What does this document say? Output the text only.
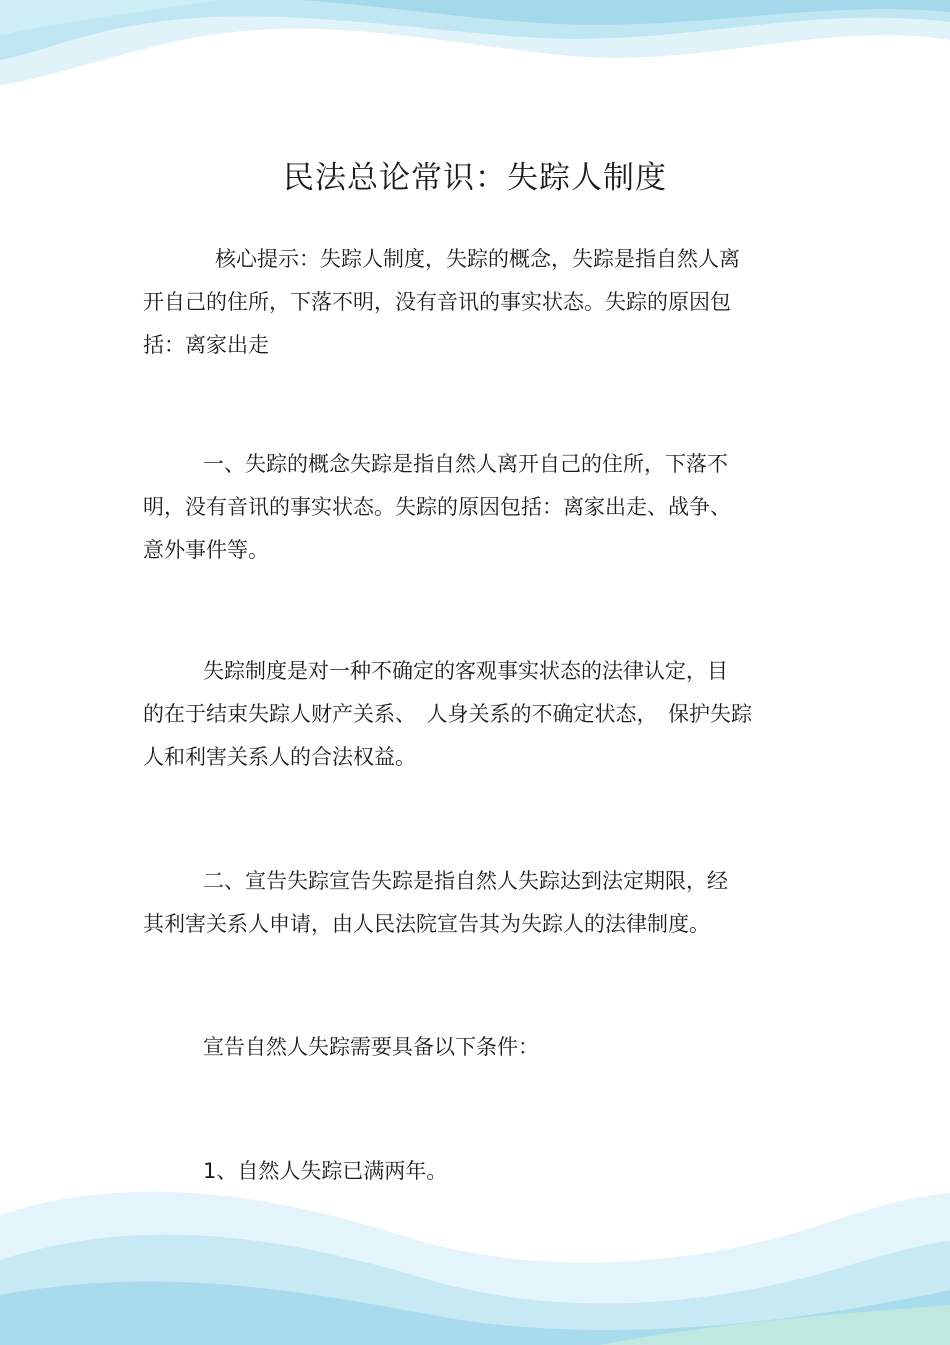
民法总论常识：失踪人制度

核心提示：失踪人制度，失踪的概念，失踪是指自然人离
开自己的住所，下落不明，没有音讯的事实状态。失踪的原因包
括：离家出走

一、失踪的概念失踪是指自然人离开自己的住所，下落不
明，没有音讯的事实状态。失踪的原因包括：离家出走、战争、
意外事件等。

失踪制度是对一种不确定的客观事实状态的法律认定，目
的在于结束失踪人财产关系、　人身关系的不确定状态，　保护失踪
人和利害关系人的合法权益。

二、宣告失踪宣告失踪是指自然人失踪达到法定期限，经
其利害关系人申请，由人民法院宣告其为失踪人的法律制度。

宣告自然人失踪需要具备以下条件：

1、自然人失踪已满两年。
